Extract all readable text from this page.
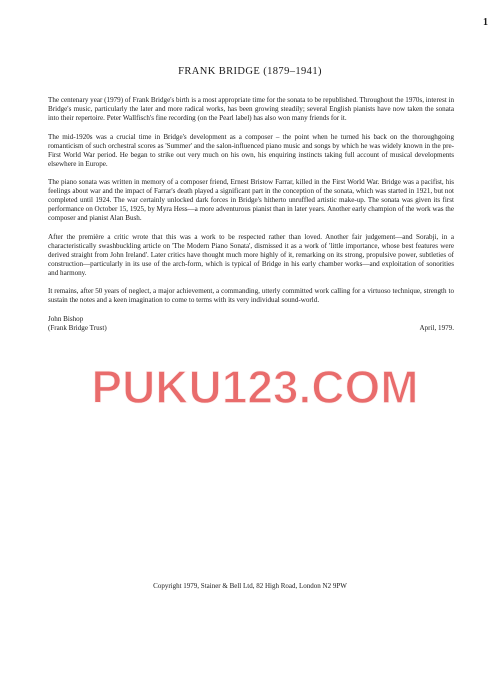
1
FRANK BRIDGE (1879–1941)

The centenary year (1979) of Frank Bridge's birth is a most appropriate time for the sonata to be republished. Throughout the 1970s, interest in Bridge's music, particularly the later and more radical works, has been growing steadily; several English pianists have now taken the sonata into their repertoire. Peter Wallfisch's fine recording (on the Pearl label) has also won many friends for it.

The mid-1920s was a crucial time in Bridge's development as a composer – the point when he turned his back on the thoroughgoing romanticism of such orchestral scores as 'Summer' and the salon-influenced piano music and songs by which he was widely known in the pre-First World War period. He began to strike out very much on his own, his enquiring instincts taking full account of musical developments elsewhere in Europe.

The piano sonata was written in memory of a composer friend, Ernest Bristow Farrar, killed in the First World War. Bridge was a pacifist, his feelings about war and the impact of Farrar's death played a significant part in the conception of the sonata, which was started in 1921, but not completed until 1924. The war certainly unlocked dark forces in Bridge's hitherto unruffled artistic make-up. The sonata was given its first performance on October 15, 1925, by Myra Hess—a more adventurous pianist than in later years. Another early champion of the work was the composer and pianist Alan Bush.

After the première a critic wrote that this was a work to be respected rather than loved. Another fair judgement—and Sorabji, in a characteristically swashbuckling article on 'The Modern Piano Sonata', dismissed it as a work of 'little importance, whose best features were derived straight from John Ireland'. Later critics have thought much more highly of it, remarking on its strong, propulsive power, subtleties of construction—particularly in its use of the arch-form, which is typical of Bridge in his early chamber works—and exploitation of sonorities and harmony.

It remains, after 50 years of neglect, a major achievement, a commanding, utterly committed work calling for a virtuoso technique, strength to sustain the notes and a keen imagination to come to terms with its very individual sound-world.

John Bishop
(Frank Bridge Trust)	April, 1979.
PUKU123.COM
Copyright 1979, Stainer & Bell Ltd, 82 High Road, London N2 9PW
